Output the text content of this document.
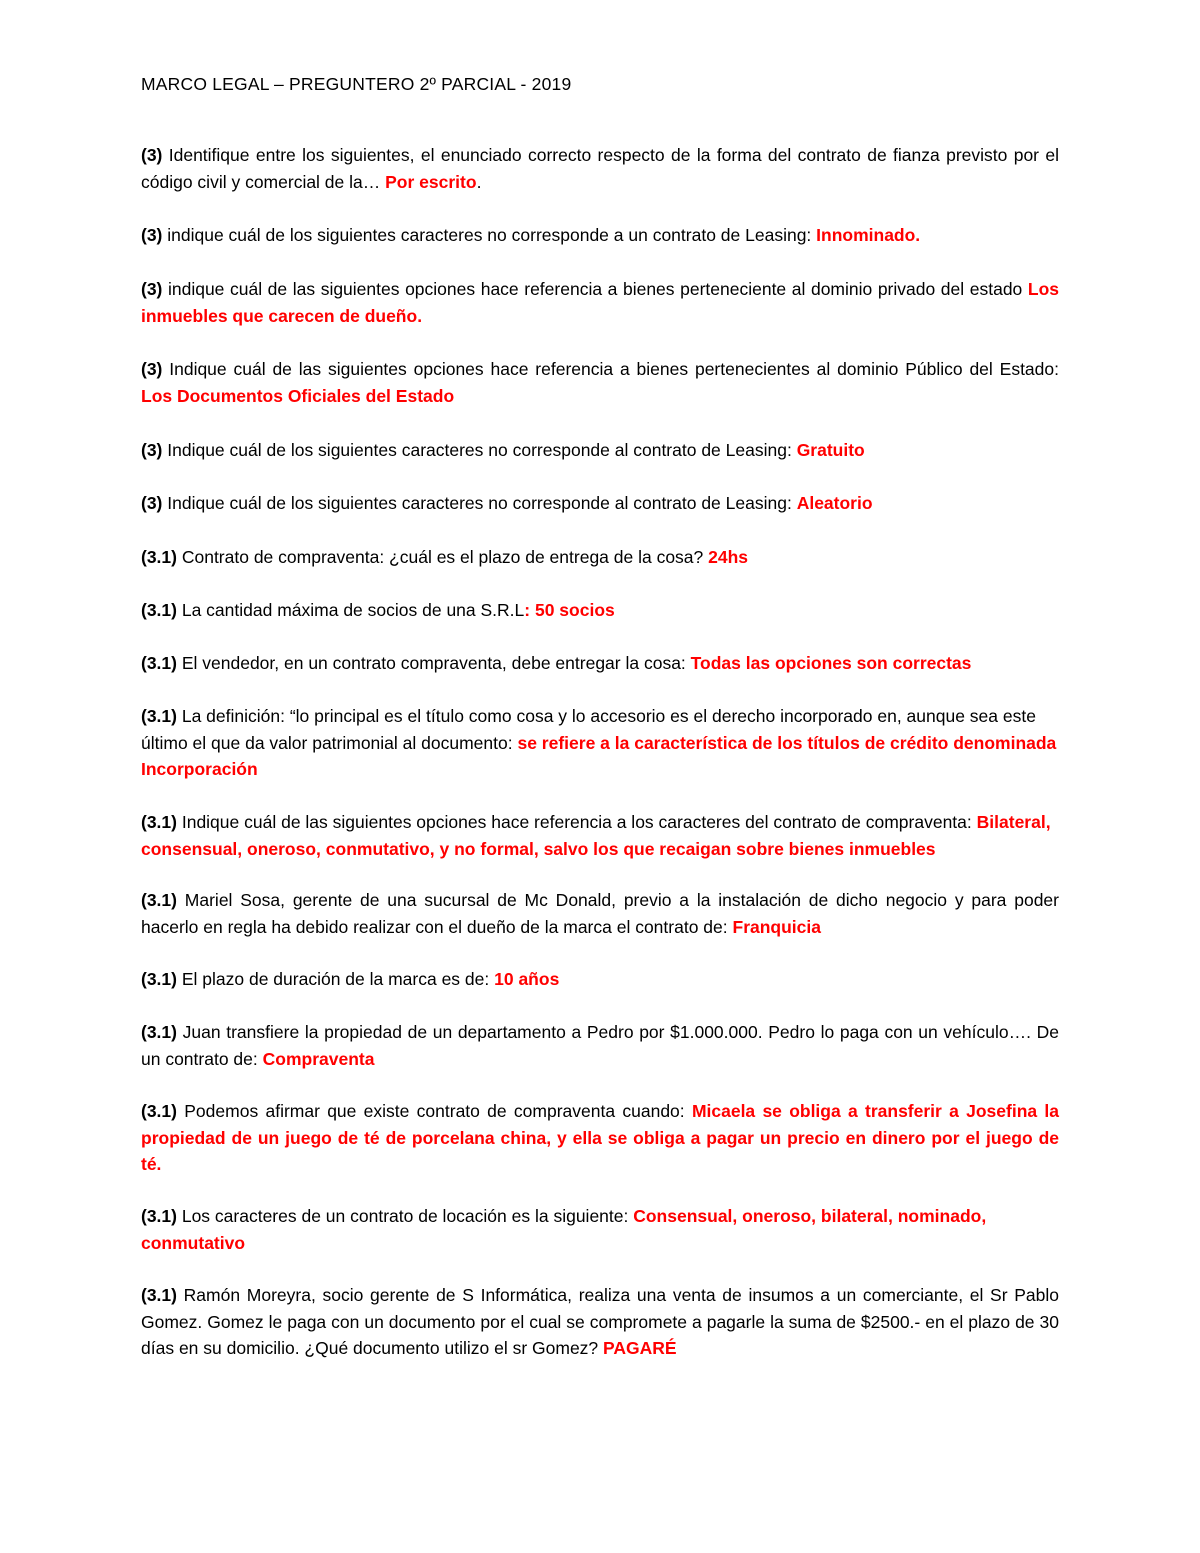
MARCO LEGAL – PREGUNTERO 2º PARCIAL - 2019
(3) Identifique entre los siguientes, el enunciado correcto respecto de la forma del contrato de fianza previsto por el código civil y comercial de la… Por escrito.
(3) indique cuál de los siguientes caracteres no corresponde a un contrato de Leasing: Innominado.
(3) indique cuál de las siguientes opciones hace referencia a bienes perteneciente al dominio privado del estado Los inmuebles que carecen de dueño.
(3) Indique cuál de las siguientes opciones hace referencia a bienes pertenecientes al dominio Público del Estado: Los Documentos Oficiales del Estado
(3) Indique cuál de los siguientes caracteres no corresponde al contrato de Leasing: Gratuito
(3) Indique cuál de los siguientes caracteres no corresponde al contrato de Leasing: Aleatorio
(3.1) Contrato de compraventa: ¿cuál es el plazo de entrega de la cosa? 24hs
(3.1) La cantidad máxima de socios de una S.R.L: 50 socios
(3.1) El vendedor, en un contrato compraventa, debe entregar la cosa: Todas las opciones son correctas
(3.1) La definición: “lo principal es el título como cosa y lo accesorio es el derecho incorporado en, aunque sea este último el que da valor patrimonial al documento: se refiere a la característica de los títulos de crédito denominada Incorporación
(3.1) Indique cuál de las siguientes opciones hace referencia a los caracteres del contrato de compraventa: Bilateral, consensual, oneroso, conmutativo, y no formal, salvo los que recaigan sobre bienes inmuebles
(3.1) Mariel Sosa, gerente de una sucursal de Mc Donald, previo a la instalación de dicho negocio y para poder hacerlo en regla ha debido realizar con el dueño de la marca el contrato de: Franquicia
(3.1) El plazo de duración de la marca es de: 10 años
(3.1) Juan transfiere la propiedad de un departamento a Pedro por $1.000.000. Pedro lo paga con un vehículo…. De un contrato de: Compraventa
(3.1) Podemos afirmar que existe contrato de compraventa cuando: Micaela se obliga a transferir a Josefina la propiedad de un juego de té de porcelana china, y ella se obliga a pagar un precio en dinero por el juego de té.
(3.1) Los caracteres de un contrato de locación es la siguiente: Consensual, oneroso, bilateral, nominado, conmutativo
(3.1) Ramón Moreyra, socio gerente de S Informática, realiza una venta de insumos a un comerciante, el Sr Pablo Gomez. Gomez le paga con un documento por el cual se compromete a pagarle la suma de $2500.- en el plazo de 30 días en su domicilio. ¿Qué documento utilizo el sr Gomez? PAGARÉ
